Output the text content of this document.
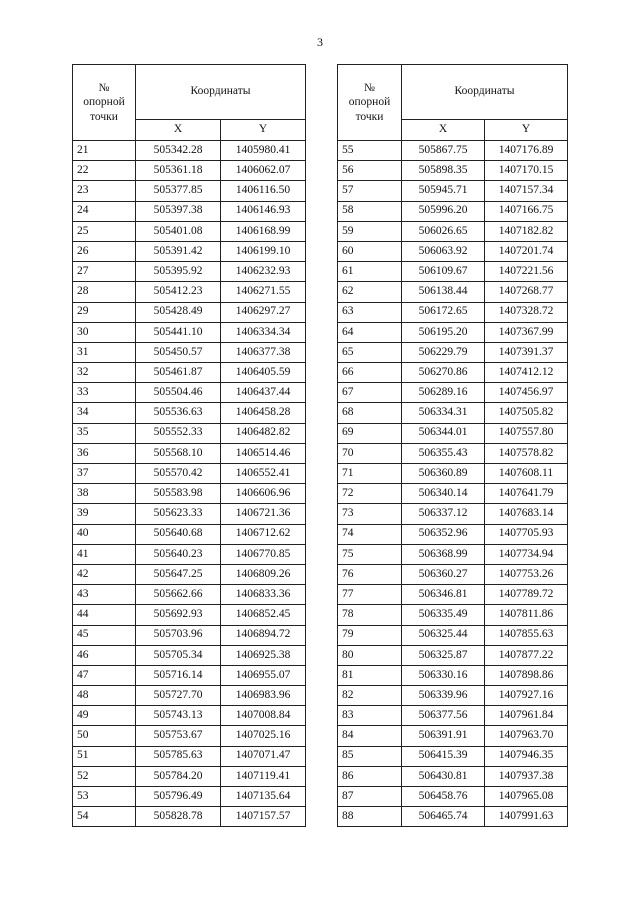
3
№
опорной
точки	Координаты	
	X	Y
21	505342.28	1405980.41
22	505361.18	1406062.07
23	505377.85	1406116.50
24	505397.38	1406146.93
25	505401.08	1406168.99
26	505391.42	1406199.10
27	505395.92	1406232.93
28	505412.23	1406271.55
29	505428.49	1406297.27
30	505441.10	1406334.34
31	505450.57	1406377.38
32	505461.87	1406405.59
33	505504.46	1406437.44
34	505536.63	1406458.28
35	505552.33	1406482.82
36	505568.10	1406514.46
37	505570.42	1406552.41
38	505583.98	1406606.96
39	505623.33	1406721.36
40	505640.68	1406712.62
41	505640.23	1406770.85
42	505647.25	1406809.26
43	505662.66	1406833.36
44	505692.93	1406852.45
45	505703.96	1406894.72
46	505705.34	1406925.38
47	505716.14	1406955.07
48	505727.70	1406983.96
49	505743.13	1407008.84
50	505753.67	1407025.16
51	505785.63	1407071.47
52	505784.20	1407119.41
53	505796.49	1407135.64
54	505828.78	1407157.57
№
опорной
точки	Координаты	
	X	Y
55	505867.75	1407176.89
56	505898.35	1407170.15
57	505945.71	1407157.34
58	505996.20	1407166.75
59	506026.65	1407182.82
60	506063.92	1407201.74
61	506109.67	1407221.56
62	506138.44	1407268.77
63	506172.65	1407328.72
64	506195.20	1407367.99
65	506229.79	1407391.37
66	506270.86	1407412.12
67	506289.16	1407456.97
68	506334.31	1407505.82
69	506344.01	1407557.80
70	506355.43	1407578.82
71	506360.89	1407608.11
72	506340.14	1407641.79
73	506337.12	1407683.14
74	506352.96	1407705.93
75	506368.99	1407734.94
76	506360.27	1407753.26
77	506346.81	1407789.72
78	506335.49	1407811.86
79	506325.44	1407855.63
80	506325.87	1407877.22
81	506330.16	1407898.86
82	506339.96	1407927.16
83	506377.56	1407961.84
84	506391.91	1407963.70
85	506415.39	1407946.35
86	506430.81	1407937.38
87	506458.76	1407965.08
88	506465.74	1407991.63
